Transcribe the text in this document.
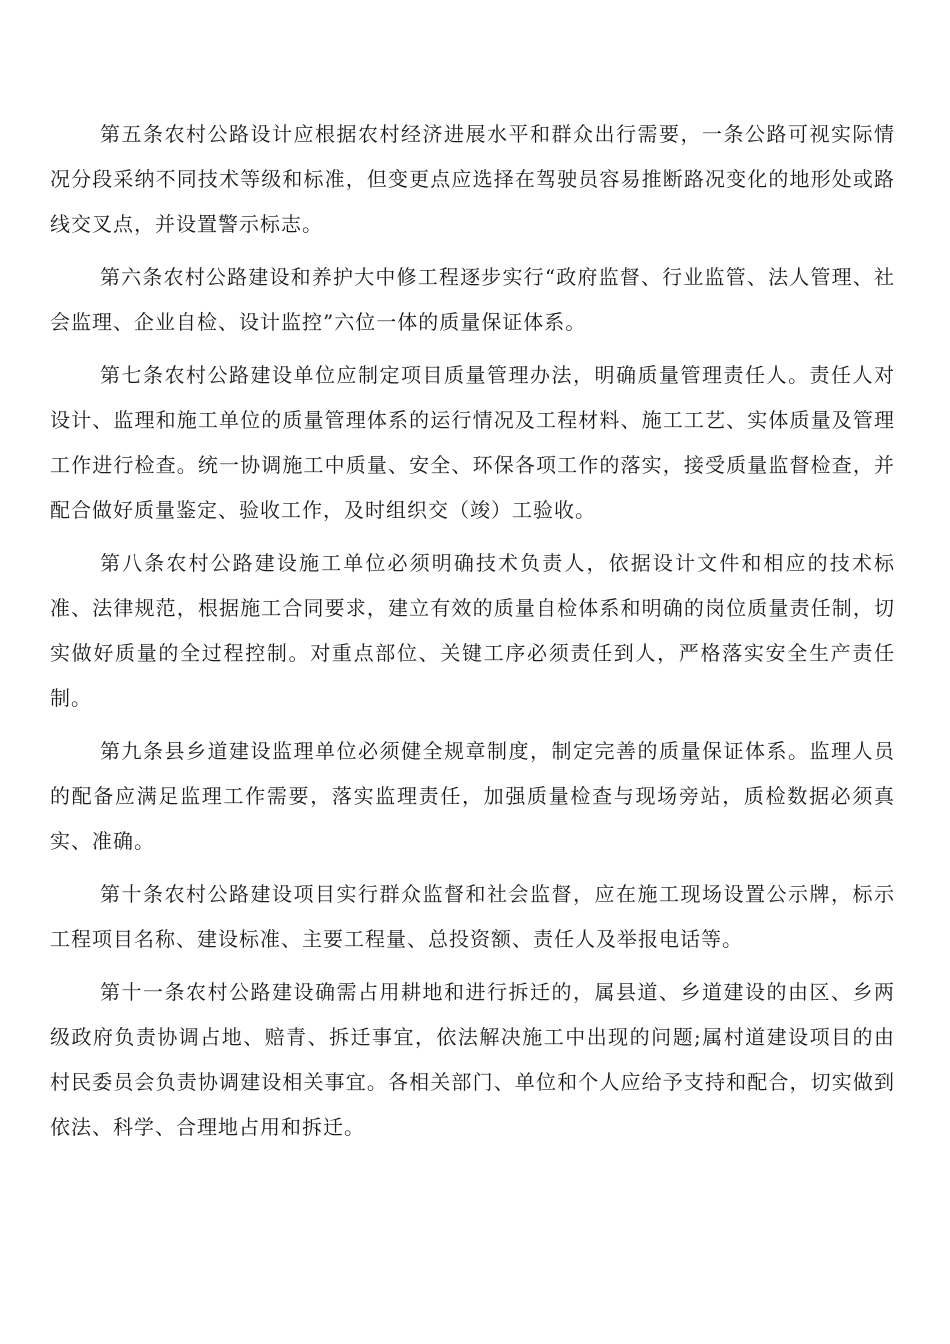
第五条农村公路设计应根据农村经济进展水平和群众出行需要，一条公路可视实际情况分段采纳不同技术等级和标准，但变更点应选择在驾驶员容易推断路况变化的地形处或路线交叉点，并设置警示标志。

第六条农村公路建设和养护大中修工程逐步实行“政府监督、行业监管、法人管理、社会监理、企业自检、设计监控”六位一体的质量保证体系。

第七条农村公路建设单位应制定项目质量管理办法，明确质量管理责任人。责任人对设计、监理和施工单位的质量管理体系的运行情况及工程材料、施工工艺、实体质量及管理工作进行检查。统一协调施工中质量、安全、环保各项工作的落实，接受质量监督检查，并配合做好质量鉴定、验收工作，及时组织交（竣）工验收。

第八条农村公路建设施工单位必须明确技术负责人，依据设计文件和相应的技术标准、法律规范，根据施工合同要求，建立有效的质量自检体系和明确的岗位质量责任制，切实做好质量的全过程控制。对重点部位、关键工序必须责任到人，严格落实安全生产责任制。

第九条县乡道建设监理单位必须健全规章制度，制定完善的质量保证体系。监理人员的配备应满足监理工作需要，落实监理责任，加强质量检查与现场旁站，质检数据必须真实、准确。

第十条农村公路建设项目实行群众监督和社会监督，应在施工现场设置公示牌，标示工程项目名称、建设标准、主要工程量、总投资额、责任人及举报电话等。

第十一条农村公路建设确需占用耕地和进行拆迁的，属县道、乡道建设的由区、乡两级政府负责协调占地、赔青、拆迁事宜，依法解决施工中出现的问题;属村道建设项目的由村民委员会负责协调建设相关事宜。各相关部门、单位和个人应给予支持和配合，切实做到依法、科学、合理地占用和拆迁。
